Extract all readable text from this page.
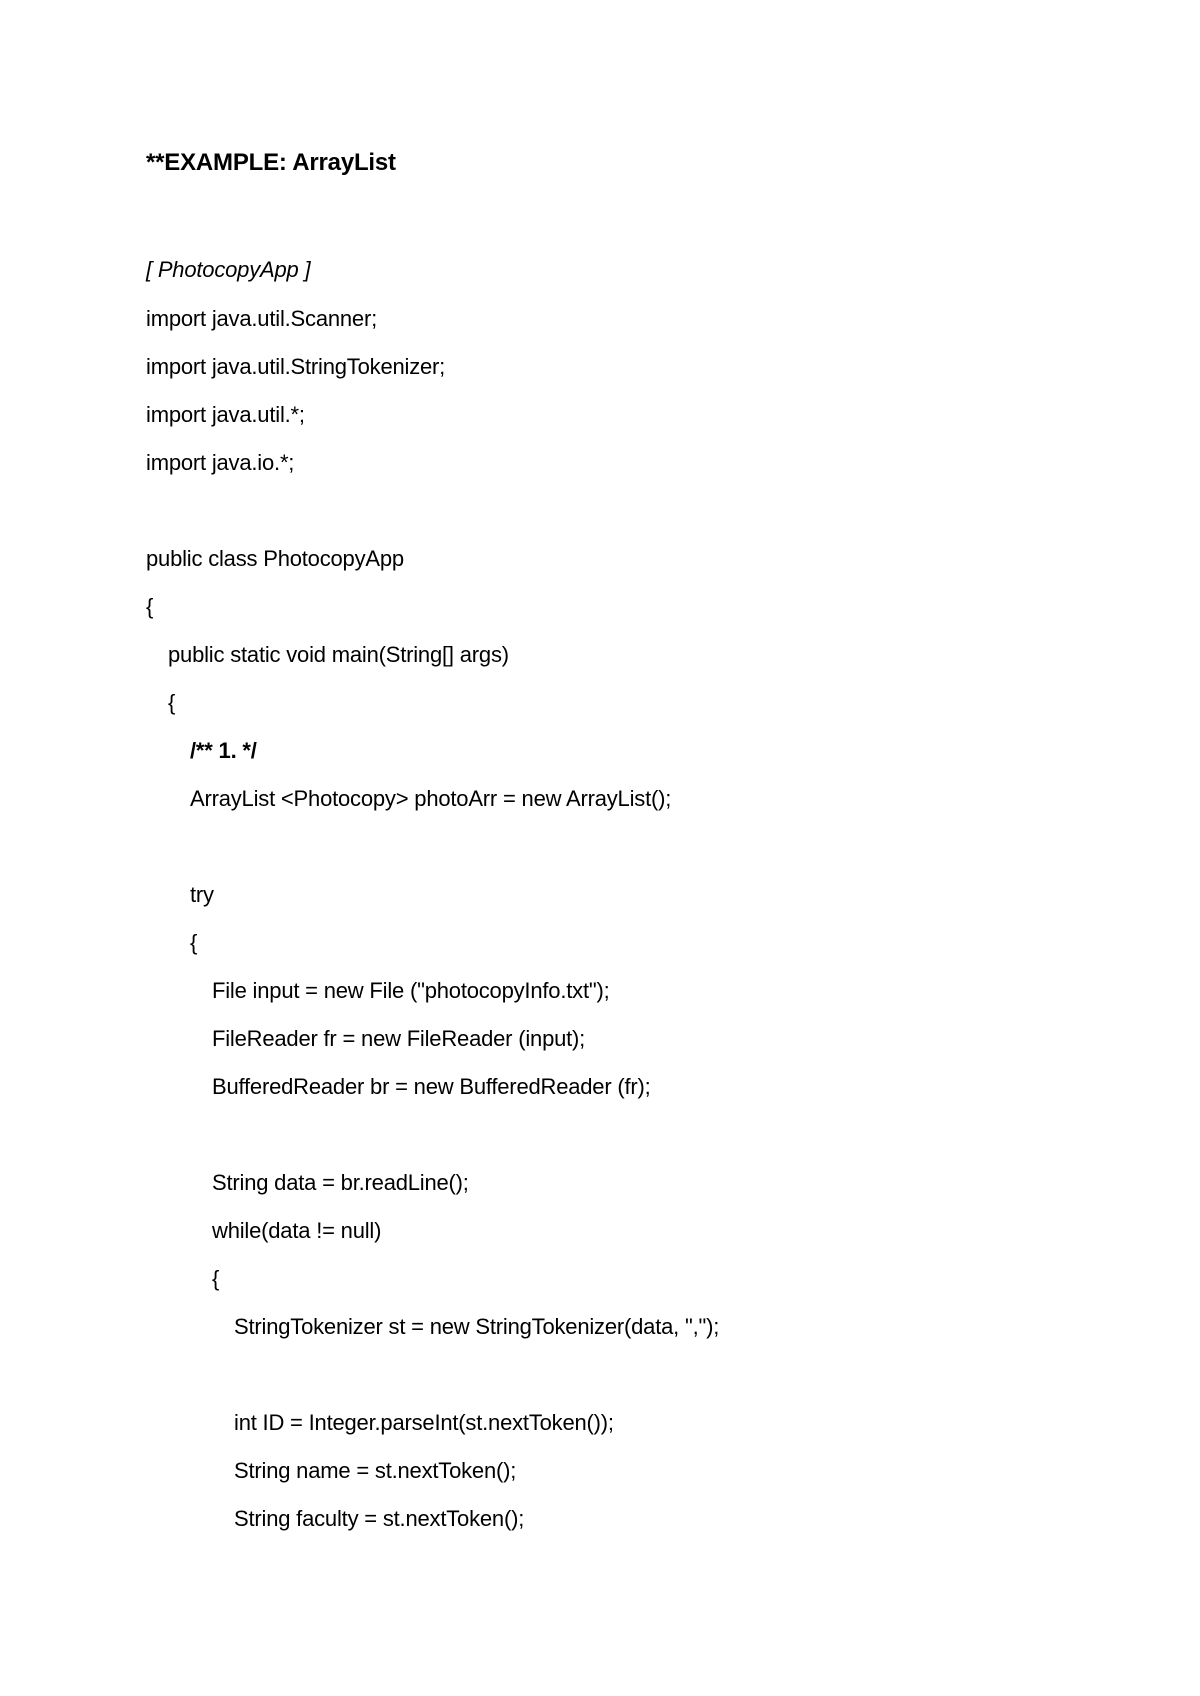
**EXAMPLE: ArrayList
[ PhotocopyApp ]
import java.util.Scanner;
import java.util.StringTokenizer;
import java.util.*;
import java.io.*;
public class PhotocopyApp
{
public static void main(String[] args)
{
/** 1. */
ArrayList <Photocopy> photoArr = new ArrayList();
try
{
File input = new File ("photocopyInfo.txt");
FileReader fr = new FileReader (input);
BufferedReader br = new BufferedReader (fr);
String data = br.readLine();
while(data != null)
{
StringTokenizer st = new StringTokenizer(data, ",");
int ID = Integer.parseInt(st.nextToken());
String name = st.nextToken();
String faculty = st.nextToken();
